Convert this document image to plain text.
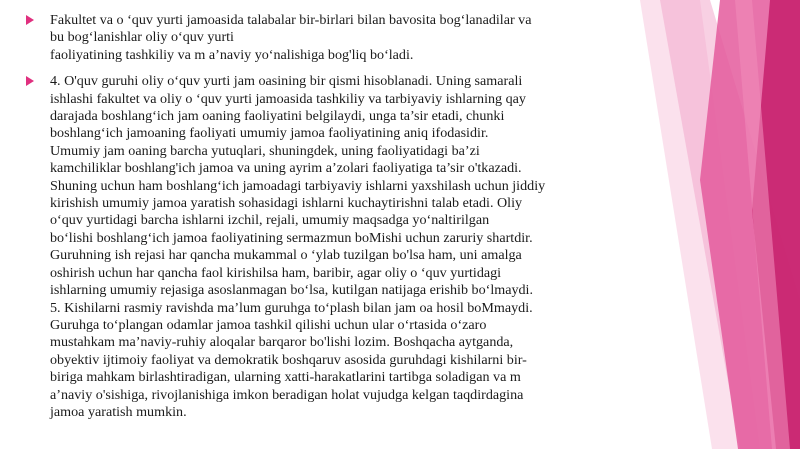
Fakultet va o ‘quv yurti jamoasida talabalar bir-birlari bilan bavosita bog‘lanadilar va
bu bog‘lanishlar oliy o‘quv yurti
faoliyatining tashkiliy va m a’naviy yo‘nalishiga bog'liq bo‘ladi.
4. O'quv guruhi oliy o‘quv yurti jam oasining bir qismi hisoblanadi. Uning samarali
ishlashi fakultet va oliy o ‘quv yurti jamoasida tashkiliy va tarbiyaviy ishlarning qay
darajada boshlang‘ich jam oaning faoliyatini belgilaydi, unga ta’sir etadi, chunki
boshlang‘ich jamoaning faoliyati umumiy jamoa faoliyatining aniq ifodasidir.
Umumiy jam oaning barcha yutuqlari, shuningdek, uning faoliyatidagi ba’zi
kamchiliklar boshlang'ich jamoa va uning ayrim a’zolari faoliyatiga ta’sir o'tkazadi.
Shuning uchun ham boshlang‘ich jamoadagi tarbiyaviy ishlarni yaxshilash uchun jiddiy
kirishish umumiy jamoa yaratish sohasidagi ishlarni kuchaytirishni talab etadi. Oliy
o‘quv yurtidagi barcha ishlarni izchil, rejali, umumiy maqsadga yo‘naltirilgan
bo‘lishi boshlang‘ich jamoa faoliyatining sermazmun boMishi uchun zaruriy shartdir.
Guruhning ish rejasi har qancha mukammal o ‘ylab tuzilgan bo'lsa ham, uni amalga
oshirish uchun har qancha faol kirishilsa ham, baribir, agar oliy o ‘quv yurtidagi
ishlarning umumiy rejasiga asoslanmagan bo‘lsa, kutilgan natijaga erishib bo‘lmaydi.
5. Kishilarni rasmiy ravishda ma’lum guruhga to‘plash bilan jam oa hosil boMmaydi.
Guruhga to‘plangan odamlar jamoa tashkil qilishi uchun ular o‘rtasida o‘zaro
mustahkam ma’naviy-ruhiy aloqalar barqaror bo'lishi lozim. Boshqacha aytganda,
obyektiv ijtimoiy faoliyat va demokratik boshqaruv asosida guruhdagi kishilarni bir-
biriga mahkam birlashtiradigan, ularning xatti-harakatlarini tartibga soladigan va m
a’naviy o'sishiga, rivojlanishiga imkon beradigan holat vujudga kelgan taqdirdagina
jamoa yaratish mumkin.
